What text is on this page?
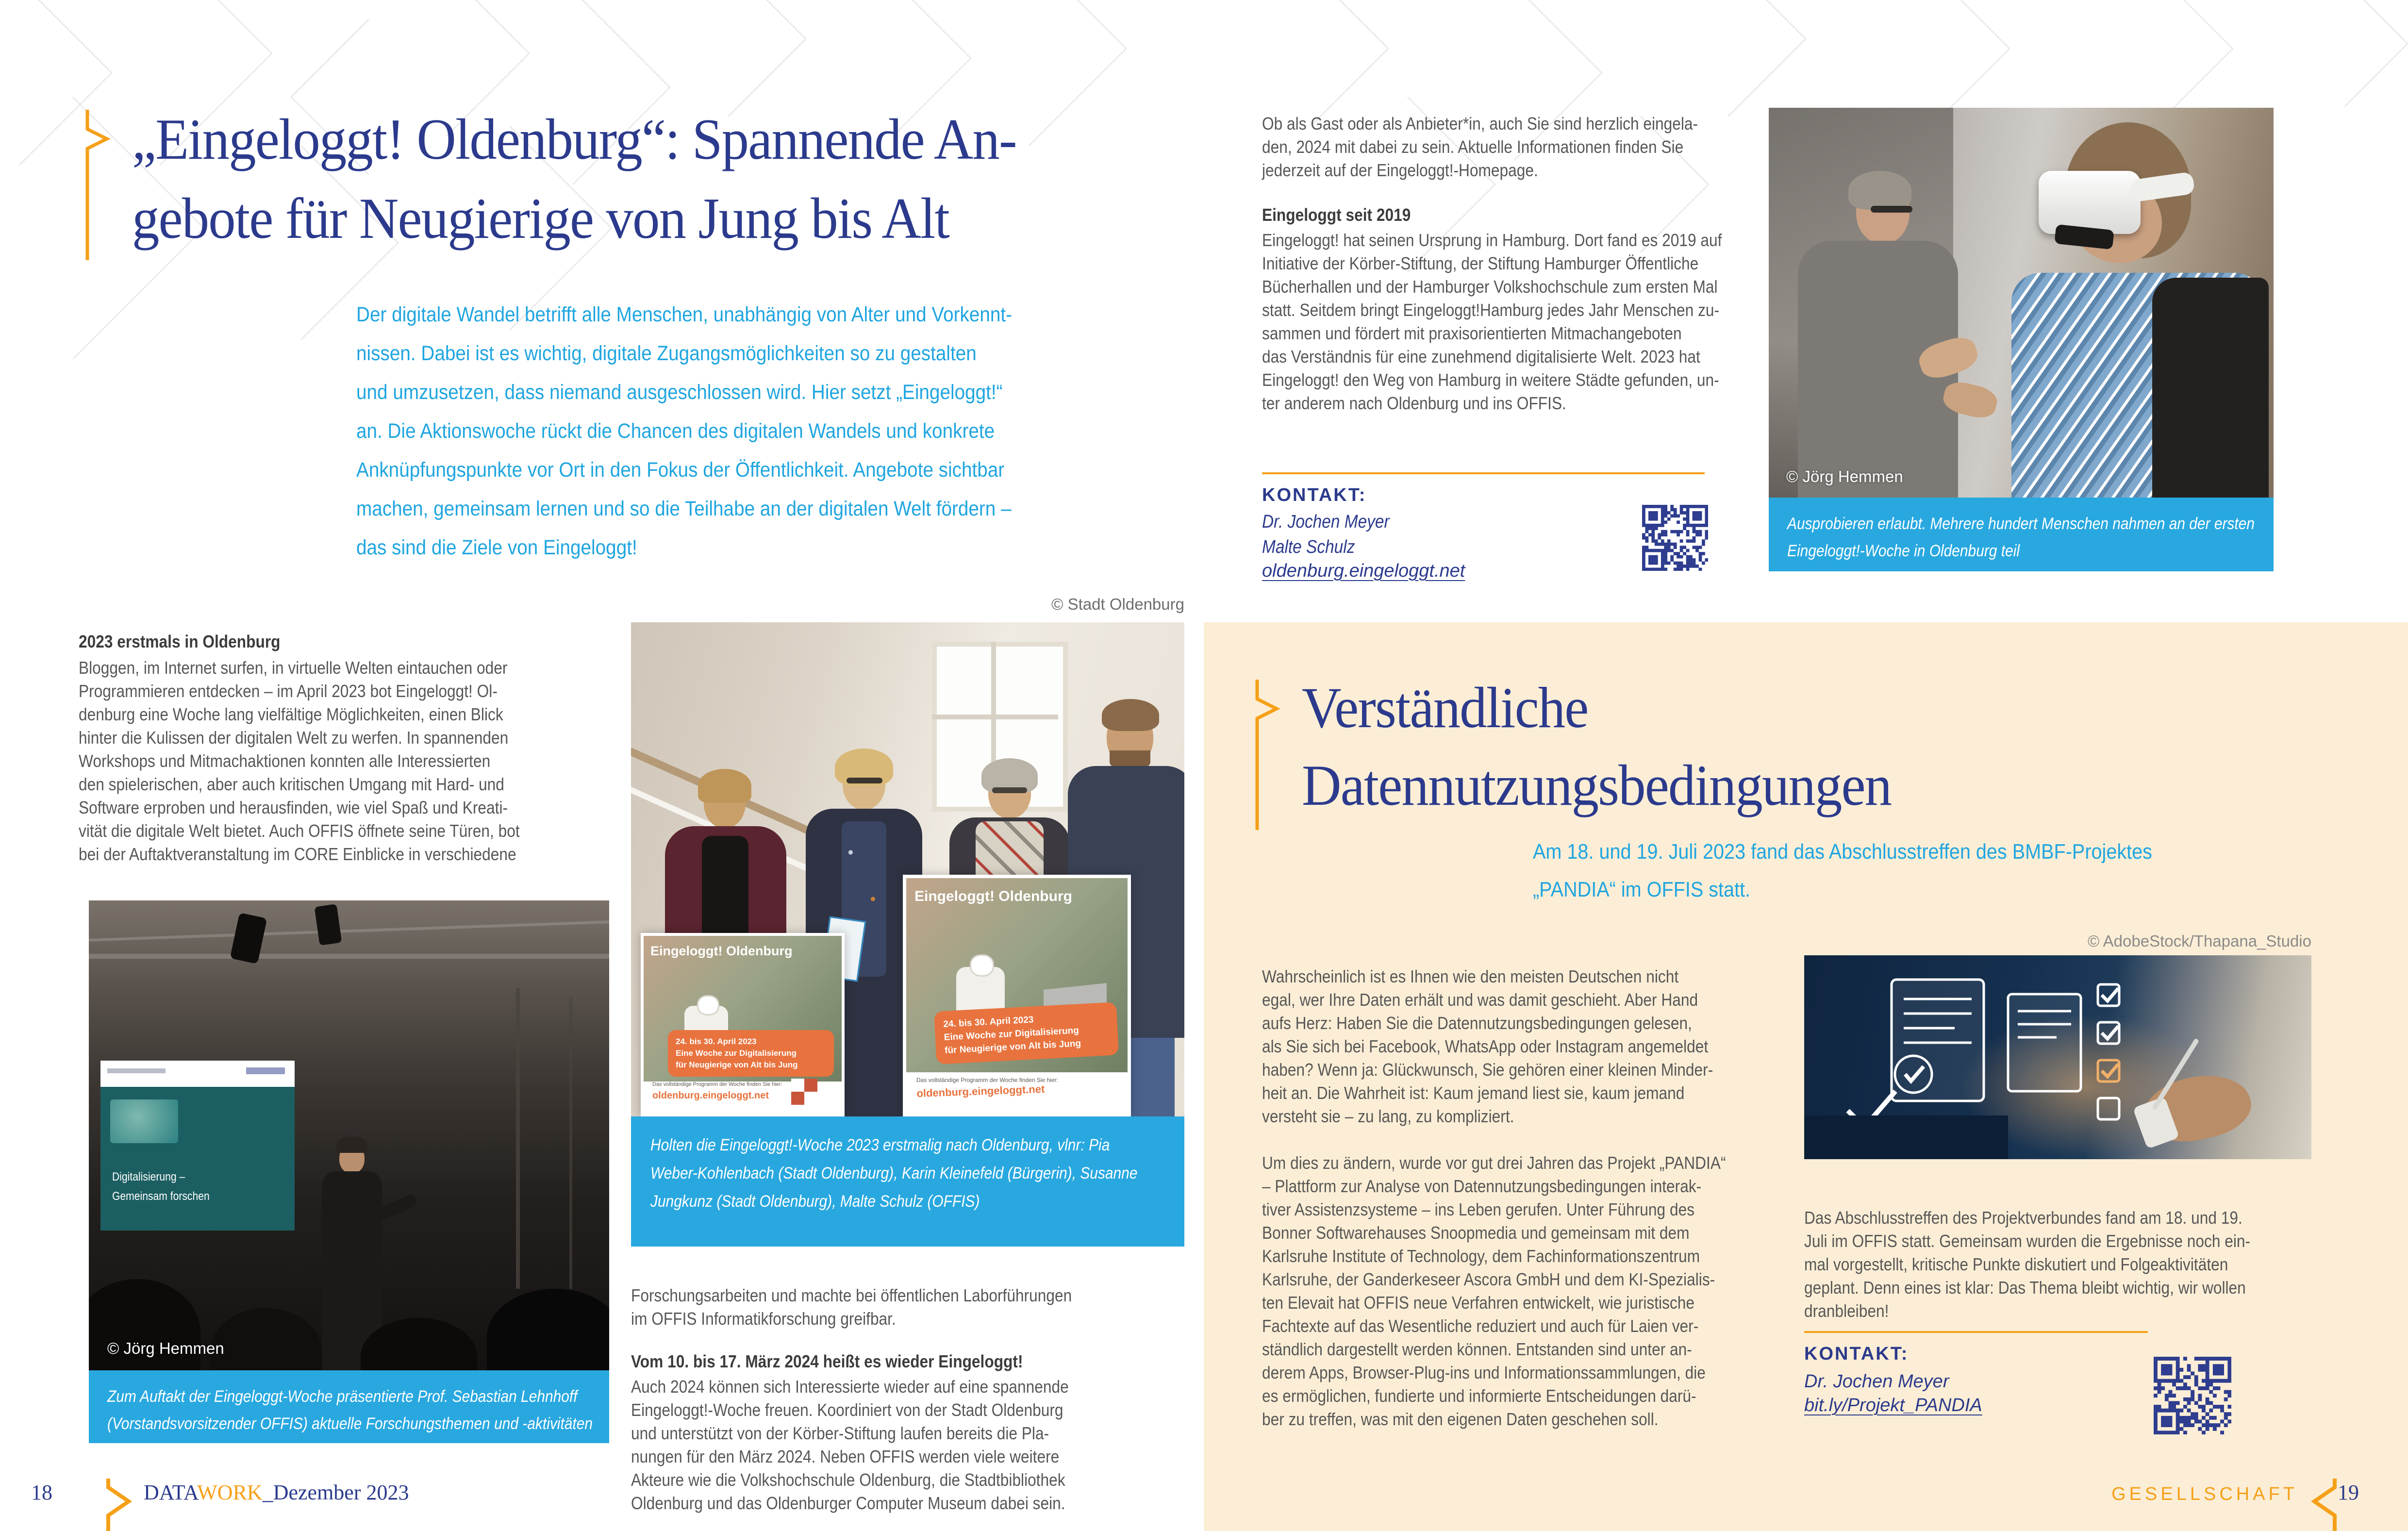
„Eingeloggt! Oldenburg“: Spannende An-
gebote für Neugierige von Jung bis Alt
Der digitale Wandel betrifft alle Menschen, unabhängig von Alter und Vorkennt-
nissen. Dabei ist es wichtig, digitale Zugangsmöglichkeiten so zu gestalten
und umzusetzen, dass niemand ausgeschlossen wird. Hier setzt „Eingeloggt!“
an. Die Aktionswoche rückt die Chancen des digitalen Wandels und konkrete
Anknüpfungspunkte vor Ort in den Fokus der Öffentlichkeit. Angebote sichtbar
machen, gemeinsam lernen und so die Teilhabe an der digitalen Welt fördern –
das sind die Ziele von Eingeloggt!
© Stadt Oldenburg
2023 erstmals in Oldenburg
Bloggen, im Internet surfen, in virtuelle Welten eintauchen oder
Programmieren entdecken – im April 2023 bot Eingeloggt! Ol-
denburg eine Woche lang vielfältige Möglichkeiten, einen Blick
hinter die Kulissen der digitalen Welt zu werfen. In spannenden
Workshops und Mitmachaktionen konnten alle Interessierten
den spielerischen, aber auch kritischen Umgang mit Hard- und
Software erproben und herausfinden, wie viel Spaß und Kreati-
vität die digitale Welt bietet. Auch OFFIS öffnete seine Türen, bot
bei der Auftaktveranstaltung im CORE Einblicke in verschiedene
Digitalisierung –
Gemeinsam forschen
© Jörg Hemmen
Zum Auftakt der Eingeloggt-Woche präsentierte Prof. Sebastian Lehnhoff
(Vorstandsvorsitzender OFFIS) aktuelle Forschungsthemen und -aktivitäten
Eingeloggt! Oldenburg
24. bis 30. April 2023
Eine Woche zur Digitalisierung
für Neugierige von Alt bis Jung
Das vollständige Programm der Woche finden Sie hier:
oldenburg.eingeloggt.net
Eingeloggt! Oldenburg
24. bis 30. April 2023
Eine Woche zur Digitalisierung
für Neugierige von Alt bis Jung
Das vollständige Programm der Woche finden Sie hier:
oldenburg.eingeloggt.net
Holten die Eingeloggt!-Woche 2023 erstmalig nach Oldenburg, vlnr: Pia
Weber-Kohlenbach (Stadt Oldenburg), Karin Kleinefeld (Bürgerin), Susanne
Jungkunz (Stadt Oldenburg), Malte Schulz (OFFIS)
Forschungsarbeiten und machte bei öffentlichen Laborführungen
im OFFIS Informatikforschung greifbar.
Vom 10. bis 17. März 2024 heißt es wieder Eingeloggt!
Auch 2024 können sich Interessierte wieder auf eine spannende
Eingeloggt!-Woche freuen. Koordiniert von der Stadt Oldenburg
und unterstützt von der Körber-Stiftung laufen bereits die Pla-
nungen für den März 2024. Neben OFFIS werden viele weitere
Akteure wie die Volkshochschule Oldenburg, die Stadtbibliothek
Oldenburg und das Oldenburger Computer Museum dabei sein.
Ob als Gast oder als Anbieter*in, auch Sie sind herzlich eingela-
den, 2024 mit dabei zu sein. Aktuelle Informationen finden Sie
jederzeit auf der Eingeloggt!-Homepage.
Eingeloggt seit 2019
Eingeloggt! hat seinen Ursprung in Hamburg. Dort fand es 2019 auf
Initiative der Körber-Stiftung, der Stiftung Hamburger Öffentliche
Bücherhallen und der Hamburger Volkshochschule zum ersten Mal
statt. Seitdem bringt Eingeloggt!Hamburg jedes Jahr Menschen zu-
sammen und fördert mit praxisorientierten Mitmachangeboten
das Verständnis für eine zunehmend digitalisierte Welt. 2023 hat
Eingeloggt! den Weg von Hamburg in weitere Städte gefunden, un-
ter anderem nach Oldenburg und ins OFFIS.
KONTAKT:
Dr. Jochen Meyer
Malte Schulz
oldenburg.eingeloggt.net
© Jörg Hemmen
Ausprobieren erlaubt. Mehrere hundert Menschen nahmen an der ersten
Eingeloggt!-Woche in Oldenburg teil
Verständliche
Datennutzungsbedingungen
Am 18. und 19. Juli 2023 fand das Abschlusstreffen des BMBF-Projektes
„PANDIA“ im OFFIS statt.
© AdobeStock/Thapana_Studio
Wahrscheinlich ist es Ihnen wie den meisten Deutschen nicht
egal, wer Ihre Daten erhält und was damit geschieht. Aber Hand
aufs Herz: Haben Sie die Datennutzungsbedingungen gelesen,
als Sie sich bei Facebook, WhatsApp oder Instagram angemeldet
haben? Wenn ja: Glückwunsch, Sie gehören einer kleinen Minder-
heit an. Die Wahrheit ist: Kaum jemand liest sie, kaum jemand
versteht sie – zu lang, zu kompliziert.
Um dies zu ändern, wurde vor gut drei Jahren das Projekt „PANDIA“
– Plattform zur Analyse von Datennutzungsbedingungen interak-
tiver Assistenzsysteme – ins Leben gerufen. Unter Führung des
Bonner Softwarehauses Snoopmedia und gemeinsam mit dem
Karlsruhe Institute of Technology, dem Fachinformationszentrum
Karlsruhe, der Ganderkeseer Ascora GmbH und dem KI-Spezialis-
ten Elevait hat OFFIS neue Verfahren entwickelt, wie juristische
Fachtexte auf das Wesentliche reduziert und auch für Laien ver-
ständlich dargestellt werden können. Entstanden sind unter an-
derem Apps, Browser-Plug-ins und Informationssammlungen, die
es ermöglichen, fundierte und informierte Entscheidungen darü-
ber zu treffen, was mit den eigenen Daten geschehen soll.
Das Abschlusstreffen des Projektverbundes fand am 18. und 19.
Juli im OFFIS statt. Gemeinsam wurden die Ergebnisse noch ein-
mal vorgestellt, kritische Punkte diskutiert und Folgeaktivitäten
geplant. Denn eines ist klar: Das Thema bleibt wichtig, wir wollen
dranbleiben!
KONTAKT:
Dr. Jochen Meyer
bit.ly/Projekt_PANDIA
18	DATAWORK_Dezember 2023	GESELLSCHAFT 19
